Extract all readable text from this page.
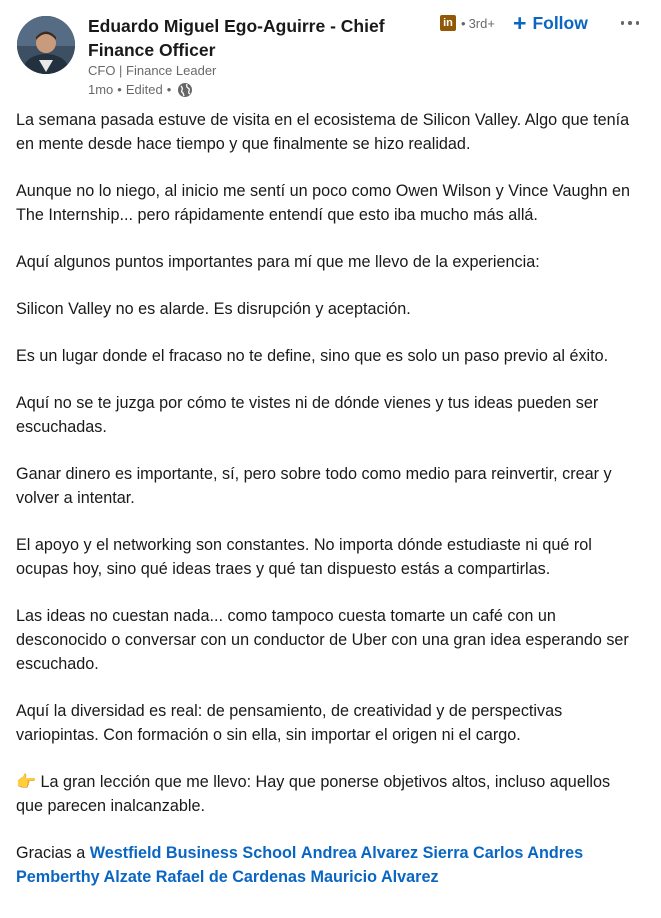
Eduardo Miguel Ego-Aguirre - Chief Finance Officer
CFO | Finance Leader
1mo • Edited •
in • 3rd+ + Follow

La semana pasada estuve de visita en el ecosistema de Silicon Valley. Algo que tenía en mente desde hace tiempo y que finalmente se hizo realidad.

Aunque no lo niego, al inicio me sentí un poco como Owen Wilson y Vince Vaughn en The Internship... pero rápidamente entendí que esto iba mucho más allá.

Aquí algunos puntos importantes para mí que me llevo de la experiencia:

Silicon Valley no es alarde. Es disrupción y aceptación.

Es un lugar donde el fracaso no te define, sino que es solo un paso previo al éxito.

Aquí no se te juzga por cómo te vistes ni de dónde vienes y tus ideas pueden ser escuchadas.

Ganar dinero es importante, sí, pero sobre todo como medio para reinvertir, crear y volver a intentar.

El apoyo y el networking son constantes. No importa dónde estudiaste ni qué rol ocupas hoy, sino qué ideas traes y qué tan dispuesto estás a compartirlas.

Las ideas no cuestan nada... como tampoco cuesta tomarte un café con un desconocido o conversar con un conductor de Uber con una gran idea esperando ser escuchado.

Aquí la diversidad es real: de pensamiento, de creatividad y de perspectivas variopintas. Con formación o sin ella, sin importar el origen ni el cargo.

👉 La gran lección que me llevo: Hay que ponerse objetivos altos, incluso aquellos que parecen inalcanzable.

Gracias a Westfield Business School Andrea Alvarez Sierra Carlos Andres Pemberthy Alzate Rafael de Cardenas Mauricio Alvarez
